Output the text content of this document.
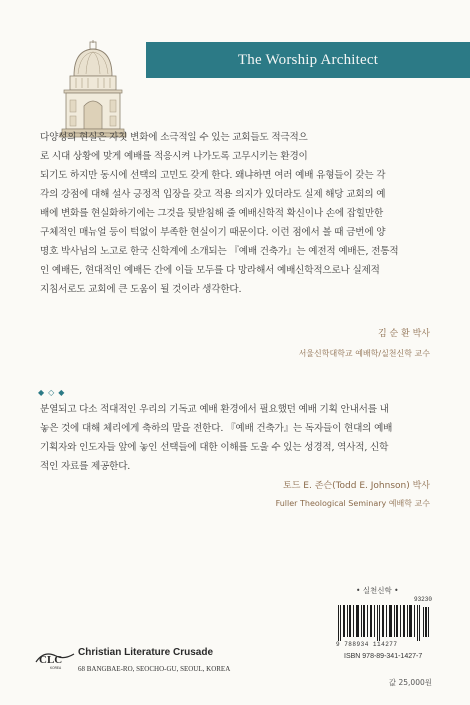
The Worship Architect

다양성의 현실은 자칫 변화에 소극적일 수 있는 교회들도 적극적으
로 시대 상황에 맞게 예배를 적응시켜 나가도록 고무시키는 환경이
되기도 하지만 동시에 선택의 고민도 갖게 한다. 왜냐하면 여러 예배 유형들이 갖는 각
각의 강점에 대해 설사 긍정적 입장을 갖고 적용 의지가 있더라도 실제 해당 교회의 예
배에 변화를 현실화하기에는 그것을 뒷받침해 줄 예배신학적 확신이나 손에 잡힐만한
구체적인 매뉴얼 등이 턱없이 부족한 현실이기 때문이다. 이런 점에서 볼 때 금번에 양
명호 박사님의 노고로 한국 신학계에 소개되는 『예배 건축가』는 예전적 예배든, 전통적
인 예배든, 현대적인 예배든 간에 이들 모두를 다 망라해서 예배신학적으로나 실제적
지침서로도 교회에 큰 도움이 될 것이라 생각한다.

김 순 환 박사
서울신학대학교 예배학/실천신학 교수
◆◇◆

분열되고 다소 적대적인 우리의 기독교 예배 환경에서 필요했던 예배 기획 안내서를 내
놓은 것에 대해 체리에게 축하의 말을 전한다. 『예배 건축가』는 독자들이 현대의 예배
기획자와 인도자들 앞에 놓인 선택들에 대한 이해를 도울 수 있는 성경적, 역사적, 신학
적인 자료를 제공한다.

토드 E. 존슨(Todd E. Johnson) 박사
Fuller Theological Seminary 예배학 교수
• 실천신학 •
93230
9 788934 114277
ISBN 978-89-341-1427-7
CLC
KOREA
Christian Literature Crusade
68 BANGBAE-RO, SEOCHO-GU, SEOUL, KOREA
값 25,000원
